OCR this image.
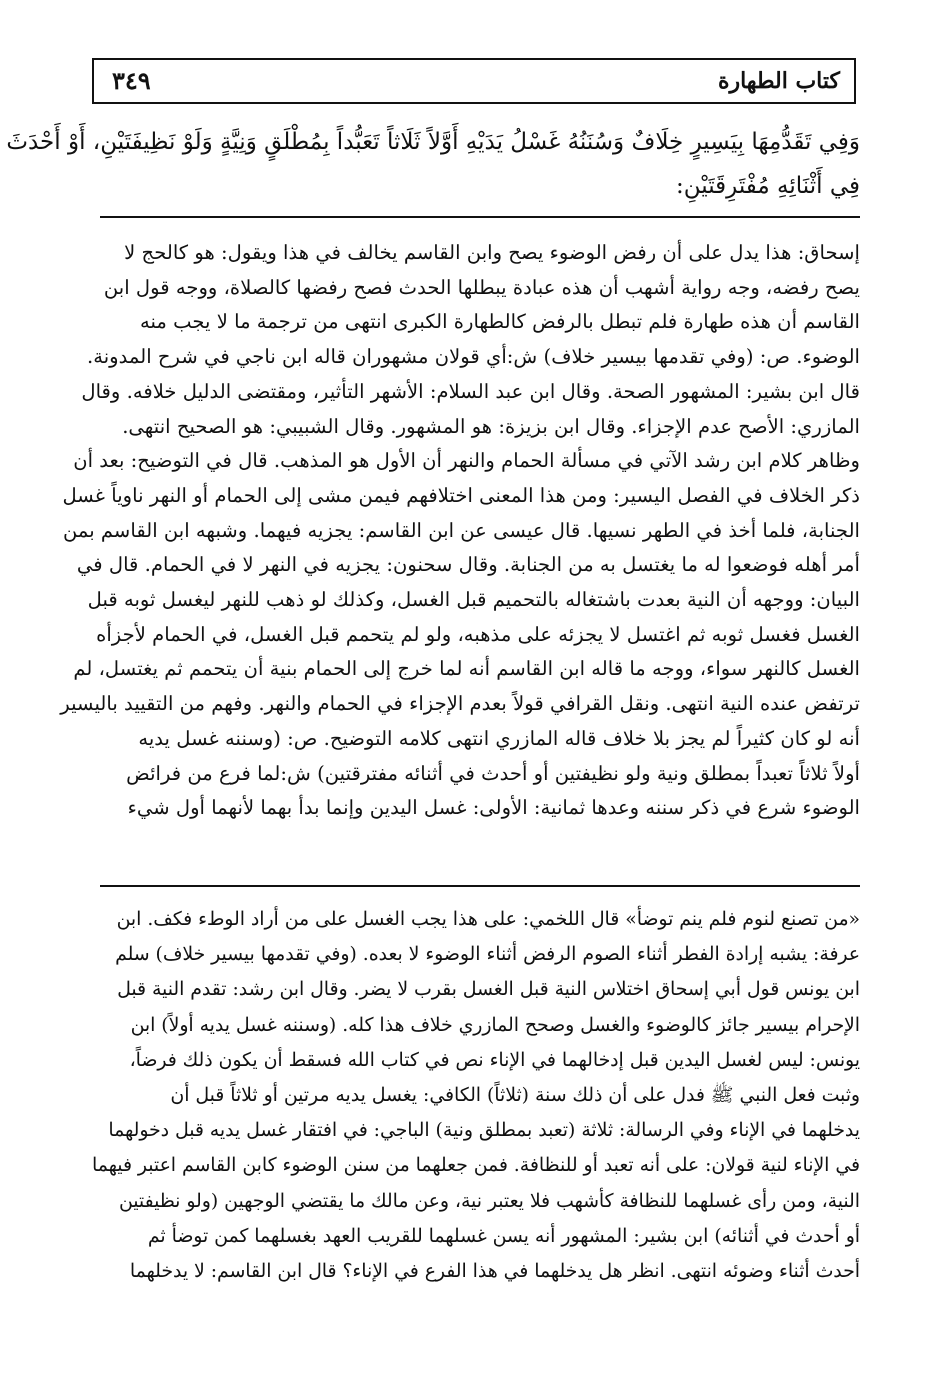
كتاب الطهارة
٣٤٩
وَفِي تَقَدُّمِهَا بِيَسِيرٍ خِلَافٌ وَسُنَنُهُ غَسْلُ يَدَيْهِ أَوَّلاً ثَلَاثاً تَعَبُّداً بِمُطْلَقٍ وَنِيَّةٍ وَلَوْ نَظِيفَتَيْنِ، أَوْ أَحْدَثَ
فِي أَثْنَائِهِ مُفْتَرِقَتَيْنِ:
إسحاق: هذا يدل على أن رفض الوضوء يصح وابن القاسم يخالف في هذا ويقول: هو كالحج لا
يصح رفضه، وجه رواية أشهب أن هذه عبادة يبطلها الحدث فصح رفضها كالصلاة، ووجه قول ابن
القاسم أن هذه طهارة فلم تبطل بالرفض كالطهارة الكبرى انتهى من ترجمة ما لا يجب منه
الوضوء. ص: (وفي تقدمها بيسير خلاف) ش:أي قولان مشهوران قاله ابن ناجي في شرح المدونة.
قال ابن بشير: المشهور الصحة. وقال ابن عبد السلام: الأشهر التأثير، ومقتضى الدليل خلافه. وقال
المازري: الأصح عدم الإجزاء. وقال ابن بزيزة: هو المشهور. وقال الشبيبي: هو الصحيح انتهى.
وظاهر كلام ابن رشد الآتي في مسألة الحمام والنهر أن الأول هو المذهب. قال في التوضيح: بعد أن
ذكر الخلاف في الفصل اليسير: ومن هذا المعنى اختلافهم فيمن مشى إلى الحمام أو النهر ناوياً غسل
الجنابة، فلما أخذ في الطهر نسيها. قال عيسى عن ابن القاسم: يجزيه فيهما. وشبهه ابن القاسم بمن
أمر أهله فوضعوا له ما يغتسل به من الجنابة. وقال سحنون: يجزيه في النهر لا في الحمام. قال في
البيان: ووجهه أن النية بعدت باشتغاله بالتحميم قبل الغسل، وكذلك لو ذهب للنهر ليغسل ثوبه قبل
الغسل فغسل ثوبه ثم اغتسل لا يجزئه على مذهبه، ولو لم يتحمم قبل الغسل، في الحمام لأجزأه
الغسل كالنهر سواء، ووجه ما قاله ابن القاسم أنه لما خرج إلى الحمام بنية أن يتحمم ثم يغتسل، لم
ترتفض عنده النية انتهى. ونقل القرافي قولاً بعدم الإجزاء في الحمام والنهر. وفهم من التقييد باليسير
أنه لو كان كثيراً لم يجز بلا خلاف قاله المازري انتهى كلامه التوضيح. ص: (وسننه غسل يديه
أولاً ثلاثاً تعبداً بمطلق ونية ولو نظيفتين أو أحدث في أثنائه مفترقتين) ش:لما فرع من فرائض
الوضوء شرع في ذكر سننه وعدها ثمانية: الأولى: غسل اليدين وإنما بدأ بهما لأنهما أول شيء
«من تصنع لنوم فلم ينم توضأ» قال اللخمي: على هذا يجب الغسل على من أراد الوطء فكف. ابن
عرفة: يشبه إرادة الفطر أثناء الصوم الرفض أثناء الوضوء لا بعده. (وفي تقدمها بيسير خلاف) سلم
ابن يونس قول أبي إسحاق اختلاس النية قبل الغسل بقرب لا يضر. وقال ابن رشد: تقدم النية قبل
الإحرام بيسير جائز كالوضوء والغسل وصحح المازري خلاف هذا كله. (وسننه غسل يديه أولاً) ابن
يونس: ليس لغسل اليدين قبل إدخالهما في الإناء نص في كتاب الله فسقط أن يكون ذلك فرضاً،
وثبت فعل النبي ﷺ فدل على أن ذلك سنة (ثلاثاً) الكافي: يغسل يديه مرتين أو ثلاثاً قبل أن
يدخلهما في الإناء وفي الرسالة: ثلاثة (تعبد بمطلق ونية) الباجي: في افتقار غسل يديه قبل دخولهما
في الإناء لنية قولان: على أنه تعبد أو للنظافة. فمن جعلهما من سنن الوضوء كابن القاسم اعتبر فيهما
النية، ومن رأى غسلهما للنظافة كأشهب فلا يعتبر نية، وعن مالك ما يقتضي الوجهين (ولو نظيفتين
أو أحدث في أثنائه) ابن بشير: المشهور أنه يسن غسلهما للقريب العهد بغسلهما كمن توضأ ثم
أحدث أثناء وضوئه انتهى. انظر هل يدخلهما في هذا الفرع في الإناء؟ قال ابن القاسم: لا يدخلهما
